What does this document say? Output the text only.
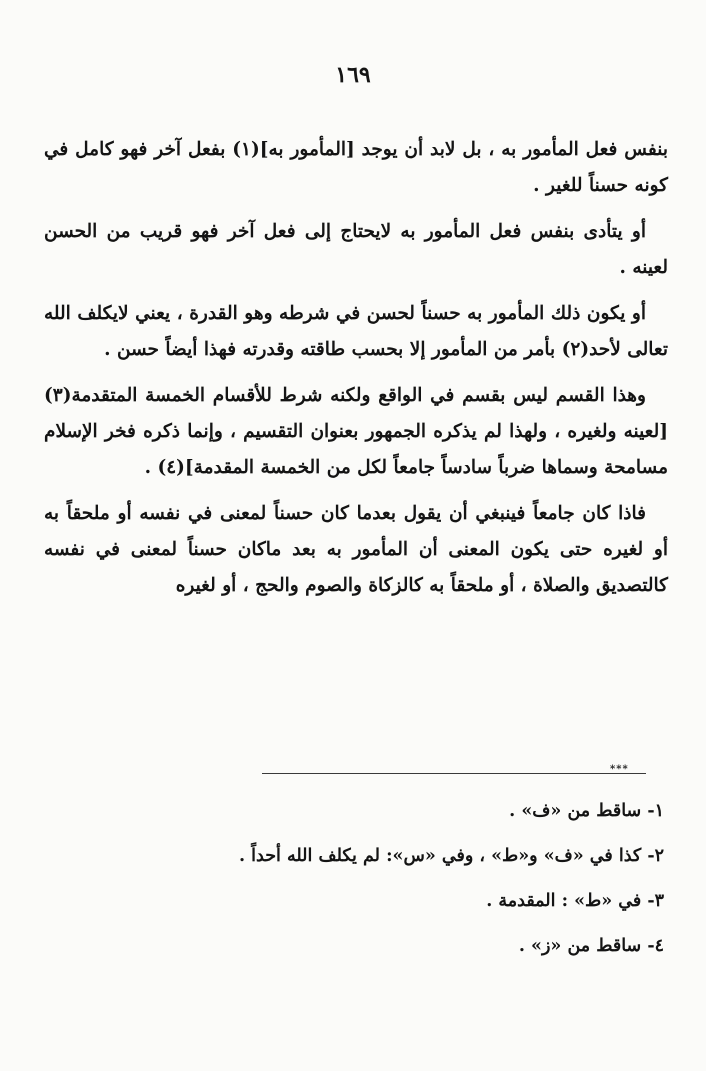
١٦٩

بنفس فعل المأمور به ، بل لابد أن يوجد [المأمور به](١) بفعل آخر فهو كامل في كونه حسناً للغير .

أو يتأدى بنفس فعل المأمور به لايحتاج إلى فعل آخر فهو قريب من الحسن لعينه .

أو يكون ذلك المأمور به حسناً لحسن في شرطه وهو القدرة ، يعني لايكلف الله تعالى لأحد(٢) بأمر من المأمور إلا بحسب طاقته وقدرته فهذا أيضاً حسن .

وهذا القسم ليس بقسم في الواقع ولكنه شرط للأقسام الخمسة المتقدمة(٣) [لعينه ولغيره ، ولهذا لم يذكره الجمهور بعنوان التقسيم ، وإنما ذكره فخر الإسلام مسامحة وسماها ضرباً سادساً جامعاً لكل من الخمسة المقدمة](٤) .

فاذا كان جامعاً فينبغي أن يقول بعدما كان حسناً لمعنى في نفسه أو ملحقاً به أو لغيره حتى يكون المعنى أن المأمور به بعد ماكان حسناً لمعنى في نفسه كالتصديق والصلاة ، أو ملحقاً به كالزكاة والصوم والحج ، أو لغيره

***
١- ساقط من «ف» .
٢- كذا في «ف» و«ط» ، وفي «س»: لم يكلف الله أحداً .
٣- في «ط» : المقدمة .
٤- ساقط من «ز» .
